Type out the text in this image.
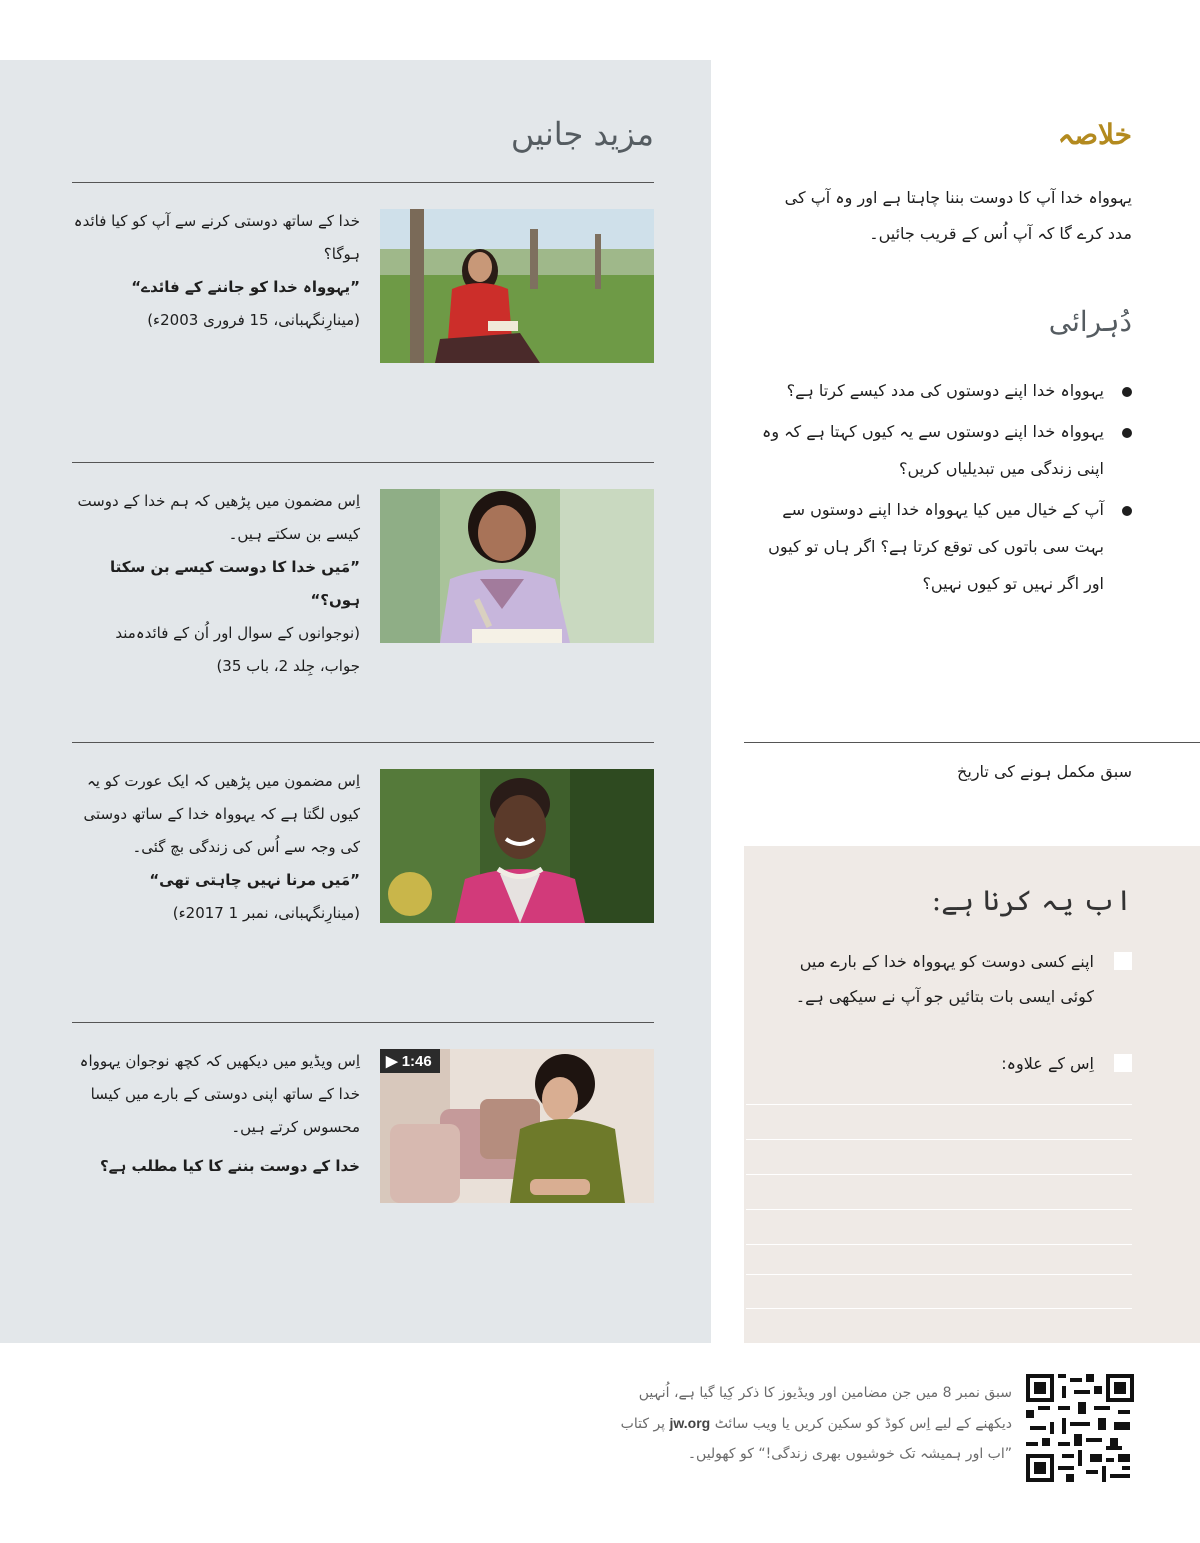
مزید جانیں

خدا کے ساتھ دوستی کرنے سے آپ کو کیا فائدہ ہوگا؟

”یہوواہ خدا کو جاننے کے فائدے“

(مینارِنگہبانی، 15 فروری 2003ء)

اِس مضمون میں پڑھیں کہ ہم خدا کے دوست کیسے بن سکتے ہیں۔

”مَیں خدا کا دوست کیسے بن سکتا ہوں؟“

(نوجوانوں کے سوال اور اُن کے فائدہ‌مند جواب، جِلد 2، باب 35)

اِس مضمون میں پڑھیں کہ ایک عورت کو یہ کیوں لگتا ہے کہ یہوواہ خدا کے ساتھ دوستی کی وجہ سے اُس کی زندگی بچ گئی۔

”مَیں مرنا نہیں چاہتی تھی“

(مینارِنگہبانی، نمبر 1 2017ء)

▶ 1:46

اِس ویڈیو میں دیکھیں کہ کچھ نوجوان یہوواہ خدا کے ساتھ اپنی دوستی کے بارے میں کیسا محسوس کرتے ہیں۔

خدا کے دوست بننے کا کیا مطلب ہے؟

خلاصہ

یہوواہ خدا آپ کا دوست بننا چاہتا ہے اور وہ آپ کی مدد کرے گا کہ آپ اُس کے قریب جائیں۔

دُہرائی
یہوواہ خدا اپنے دوستوں کی مدد کیسے کرتا ہے؟
یہوواہ خدا اپنے دوستوں سے یہ کیوں کہتا ہے کہ وہ اپنی زندگی میں تبدیلیاں کریں؟
آپ کے خیال میں کیا یہوواہ خدا اپنے دوستوں سے بہت سی باتوں کی توقع کرتا ہے؟ اگر ہاں تو کیوں اور اگر نہیں تو کیوں نہیں؟

سبق مکمل ہونے کی تاریخ

اب یہ کرنا ہے:
اپنے کسی دوست کو یہوواہ خدا کے بارے میں کوئی ایسی بات بتائیں جو آپ نے سیکھی ہے۔
اِس کے علاوہ:

سبق نمبر 8 میں جن مضامین اور ویڈیوز کا ذکر کِیا گیا ہے، اُنہیں دیکھنے کے لیے اِس کوڈ کو سکین کریں یا ویب سائٹ jw.org پر کتاب ”اب اور ہمیشہ تک خوشیوں بھری زندگی!“ کو کھولیں۔
